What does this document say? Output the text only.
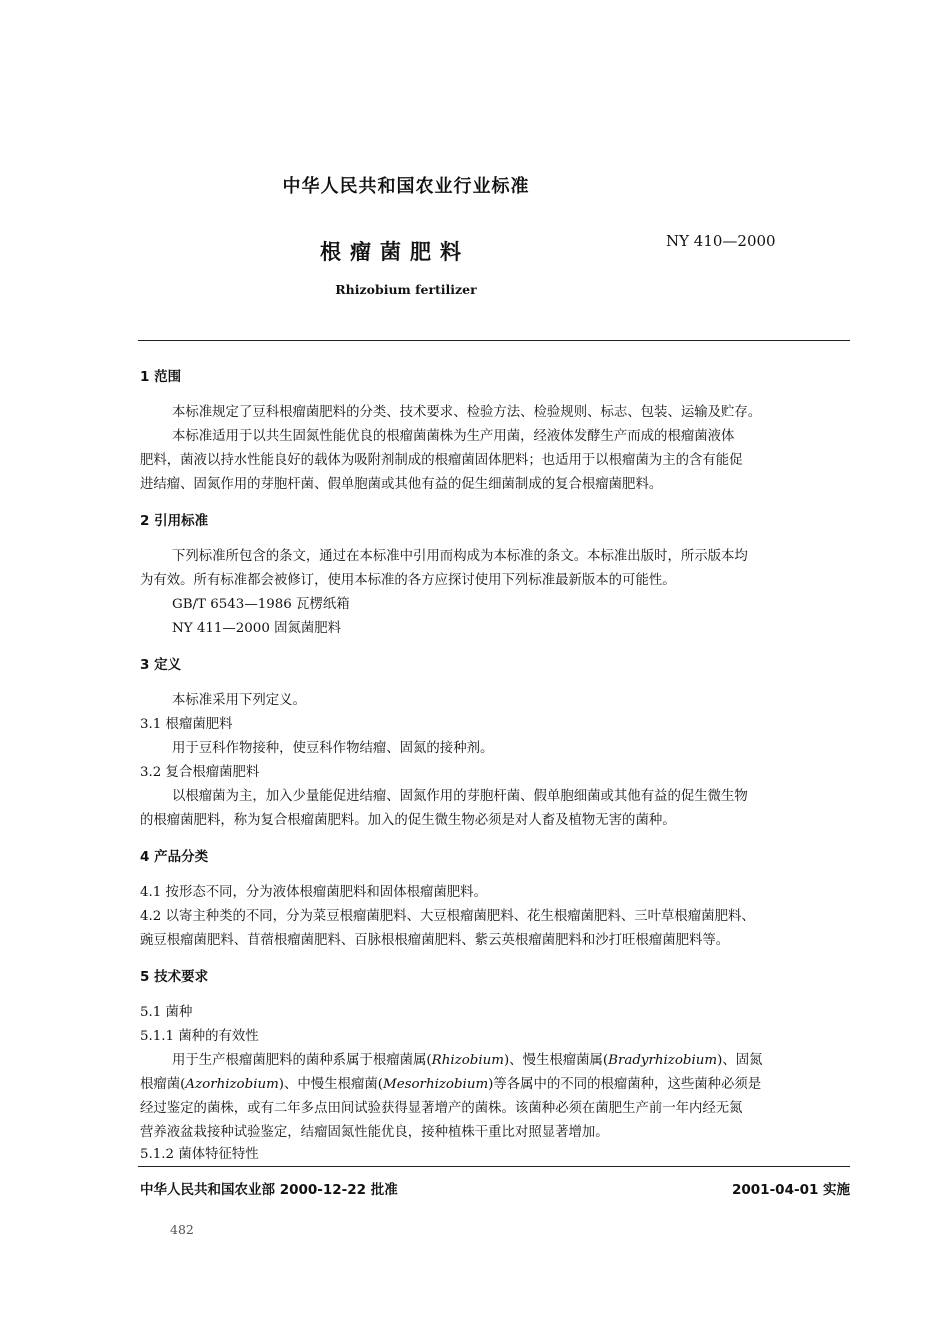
中华人民共和国农业行业标准
根瘤菌肥料	NY 410—2000
Rhizobium fertilizer
1 范围
本标准规定了豆科根瘤菌肥料的分类、技术要求、检验方法、检验规则、标志、包装、运输及贮存。
本标准适用于以共生固氮性能优良的根瘤菌菌株为生产用菌，经液体发酵生产而成的根瘤菌液体
肥料，菌液以持水性能良好的载体为吸附剂制成的根瘤菌固体肥料；也适用于以根瘤菌为主的含有能促
进结瘤、固氮作用的芽胞杆菌、假单胞菌或其他有益的促生细菌制成的复合根瘤菌肥料。
2 引用标准
下列标准所包含的条文，通过在本标准中引用而构成为本标准的条文。本标准出版时，所示版本均
为有效。所有标准都会被修订，使用本标准的各方应探讨使用下列标准最新版本的可能性。
GB/T 6543—1986 瓦楞纸箱
NY 411—2000 固氮菌肥料
3 定义
本标准采用下列定义。
3.1 根瘤菌肥料
用于豆科作物接种，使豆科作物结瘤、固氮的接种剂。
3.2 复合根瘤菌肥料
以根瘤菌为主，加入少量能促进结瘤、固氮作用的芽胞杆菌、假单胞细菌或其他有益的促生微生物
的根瘤菌肥料，称为复合根瘤菌肥料。加入的促生微生物必须是对人畜及植物无害的菌种。
4 产品分类
4.1 按形态不同，分为液体根瘤菌肥料和固体根瘤菌肥料。
4.2 以寄主种类的不同，分为菜豆根瘤菌肥料、大豆根瘤菌肥料、花生根瘤菌肥料、三叶草根瘤菌肥料、
豌豆根瘤菌肥料、苜蓿根瘤菌肥料、百脉根根瘤菌肥料、紫云英根瘤菌肥料和沙打旺根瘤菌肥料等。
5 技术要求
5.1 菌种
5.1.1 菌种的有效性
用于生产根瘤菌肥料的菌种系属于根瘤菌属(Rhizobium)、慢生根瘤菌属(Bradyrhizobium)、固氮
根瘤菌(Azorhizobium)、中慢生根瘤菌(Mesorhizobium)等各属中的不同的根瘤菌种，这些菌种必须是
经过鉴定的菌株，或有二年多点田间试验获得显著增产的菌株。该菌种必须在菌肥生产前一年内经无氮
营养液盆栽接种试验鉴定，结瘤固氮性能优良，接种植株干重比对照显著增加。
5.1.2 菌体特征特性
中华人民共和国农业部 2000-12-22 批准	2001-04-01 实施
482
